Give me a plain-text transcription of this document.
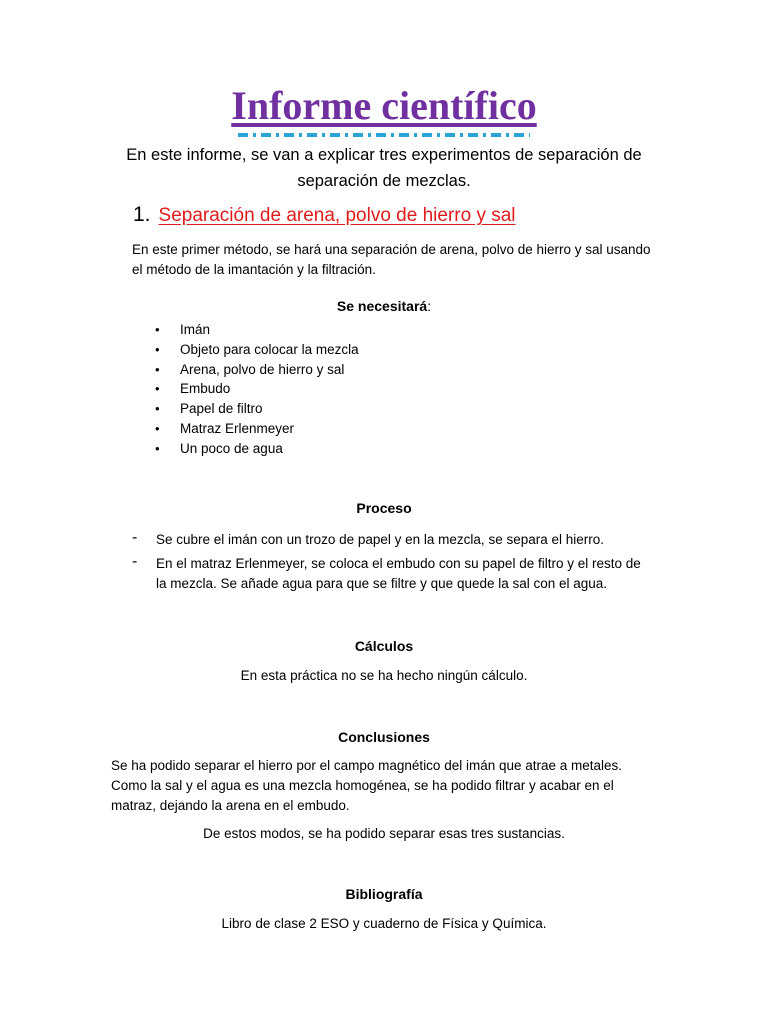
Informe científico

En este informe, se van a explicar tres experimentos de separación de separación de mezclas.

1. Separación de arena, polvo de hierro y sal

En este primer método, se hará una separación de arena, polvo de hierro y sal usando el método de la imantación y la filtración.

Se necesitará:
• Imán
• Objeto para colocar la mezcla
• Arena, polvo de hierro y sal
• Embudo
• Papel de filtro
• Matraz Erlenmeyer
• Un poco de agua
Proceso
- Se cubre el imán con un trozo de papel y en la mezcla, se separa el hierro.
- En el matraz Erlenmeyer, se coloca el embudo con su papel de filtro y el resto de la mezcla. Se añade agua para que se filtre y que quede la sal con el agua.
Cálculos

En esta práctica no se ha hecho ningún cálculo.

Conclusiones

Se ha podido separar el hierro por el campo magnético del imán que atrae a metales. Como la sal y el agua es una mezcla homogénea, se ha podido filtrar y acabar en el matraz, dejando la arena en el embudo.

De estos modos, se ha podido separar esas tres sustancias.

Bibliografía

Libro de clase 2 ESO y cuaderno de Física y Química.
